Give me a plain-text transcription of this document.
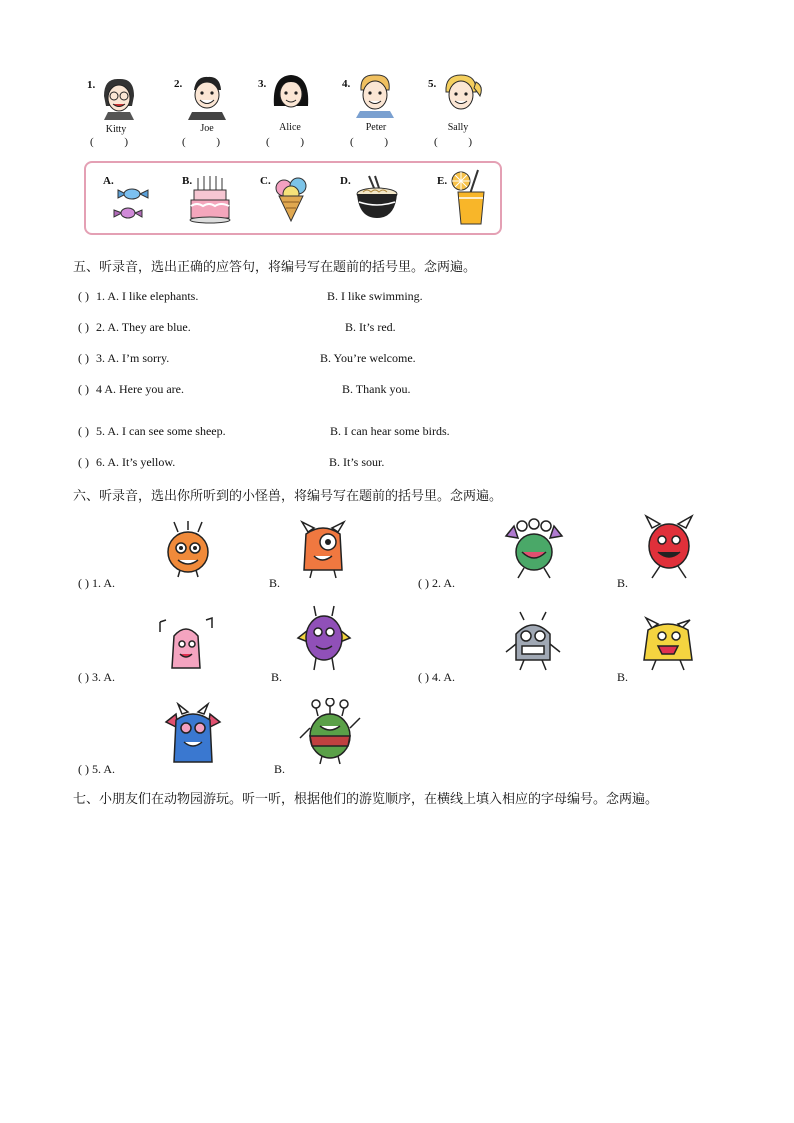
1.
Kitty
( )
2.
Joe
( )
3.
Alice
( )
4.
Peter
( )
5.
Sally
( )
A.	B.	C.	D.	E.
五、听录音，选出正确的应答句，将编号写在题前的括号里。念两遍。
( ) 1. A. I like elephants.	B. I like swimming.
( ) 2. A. They are blue.	B. It’s red.
( ) 3. A. I’m sorry.	B. You’re welcome.
( ) 4 A. Here you are.	B. Thank you.
( ) 5. A. I can see some sheep.	B. I can hear some birds.
( ) 6. A. It’s yellow.	B. It’s sour.
六、听录音，选出你所听到的小怪兽，将编号写在题前的括号里。念两遍。
( ) 1. A.	B.	( ) 2. A.	B.
( ) 3. A.	B.	( ) 4. A.	B.
( ) 5. A.	B.
七、小朋友们在动物园游玩。听一听，根据他们的游览顺序，在横线上填入相应的字母编号。念两遍。
